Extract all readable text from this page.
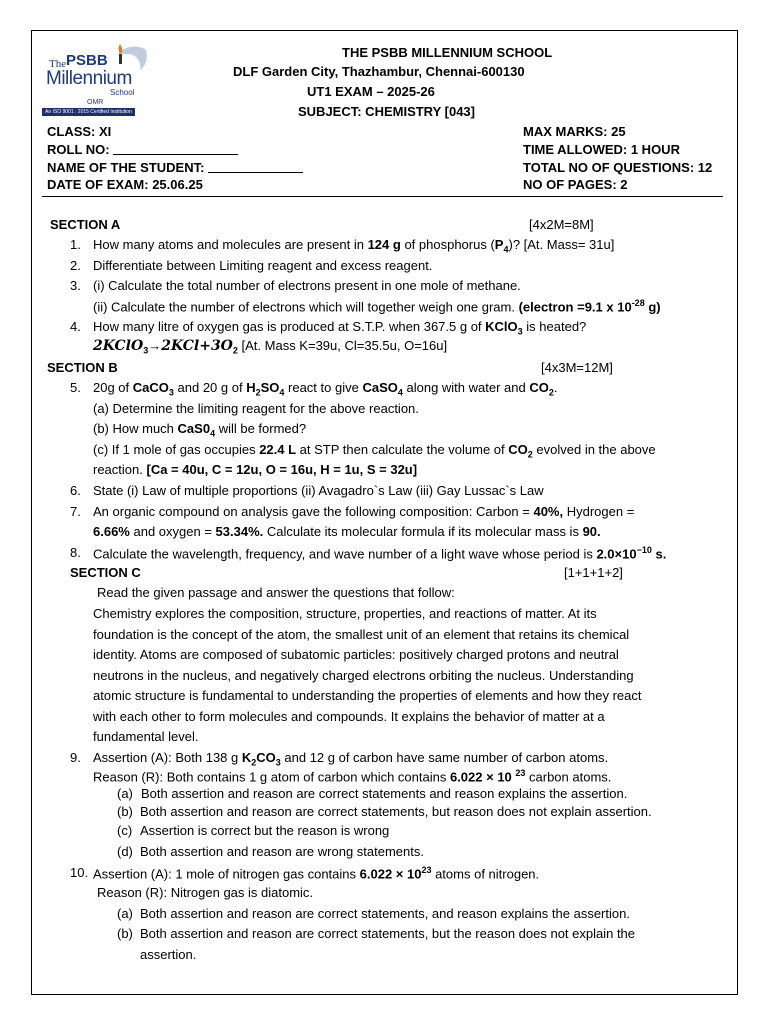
The PSBB
Millennium
School
OMR
An ISO 9001 : 2015 Certified Institution
THE PSBB MILLENNIUM SCHOOL
DLF Garden City, Thazhambur, Chennai-600130
UT1 EXAM – 2025-26
SUBJECT: CHEMISTRY [043]
CLASS: XI
ROLL NO:
NAME OF THE STUDENT:
DATE OF EXAM: 25.06.25
MAX MARKS: 25
TIME ALLOWED: 1 HOUR
TOTAL NO OF QUESTIONS: 12
NO OF PAGES: 2
SECTION A	[4x2M=8M]
1. How many atoms and molecules are present in 124 g of phosphorus $(P_4)$? [At. Mass= 31u]
2. Differentiate between Limiting reagent and excess reagent.
3. (i) Calculate the total number of electrons present in one mole of methane.
(ii) Calculate the number of electrons which will together weigh one gram. (electron =9.1 x $10^{-28}$ g)
4. How many litre of oxygen gas is produced at S.T.P. when 367.5 g of KClO$_3$ is heated?
$2KClO_3\to 2KCl+3O_2$ [At. Mass K=39u, Cl=35.5u, O=16u]
SECTION B	[4x3M=12M]
5. 20g of CaCO$_3$ and 20 g of $H_2SO_4$ react to give CaSO$_4$ along with water and $CO_2$.
(a) Determine the limiting reagent for the above reaction.
(b) How much $CaS0_4$ will be formed?
(c) If 1 mole of gas occupies 22.4 L at STP then calculate the volume of $CO_2$ evolved in the above
reaction. [Ca = 40u, C = 12u, O = 16u, H = 1u, S = 32u]
6. State (i) Law of multiple proportions (ii) Avagadro`s Law (iii) Gay Lussac`s Law
7. An organic compound on analysis gave the following composition: Carbon = 40%, Hydrogen =
6.66% and oxygen = 53.34%. Calculate its molecular formula if its molecular mass is 90.
8. Calculate the wavelength, frequency, and wave number of a light wave whose period is $2.0\times 10^{-10}$ s.
SECTION C	[1+1+1+2]
Read the given passage and answer the questions that follow:
Chemistry explores the composition, structure, properties, and reactions of matter. At its
foundation is the concept of the atom, the smallest unit of an element that retains its chemical
identity. Atoms are composed of subatomic particles: positively charged protons and neutral
neutrons in the nucleus, and negatively charged electrons orbiting the nucleus. Understanding
atomic structure is fundamental to understanding the properties of elements and how they react
with each other to form molecules and compounds. It explains the behavior of matter at a
fundamental level.
9. Assertion (A): Both 138 g $K_2CO_3$ and 12 g of carbon have same number of carbon atoms.
Reason (R): Both contains 1 g atom of carbon which contains 6.022 × 10 $^{23}$ carbon atoms.
(a) Both assertion and reason are correct statements and reason explains the assertion.
(b) Both assertion and reason are correct statements, but reason does not explain assertion.
(c) Assertion is correct but the reason is wrong
(d) Both assertion and reason are wrong statements.
10. Assertion (A): 1 mole of nitrogen gas contains $6.022 \times 10^{23}$ atoms of nitrogen.
Reason (R): Nitrogen gas is diatomic.
(a) Both assertion and reason are correct statements, and reason explains the assertion.
(b) Both assertion and reason are correct statements, but the reason does not explain the
assertion.
